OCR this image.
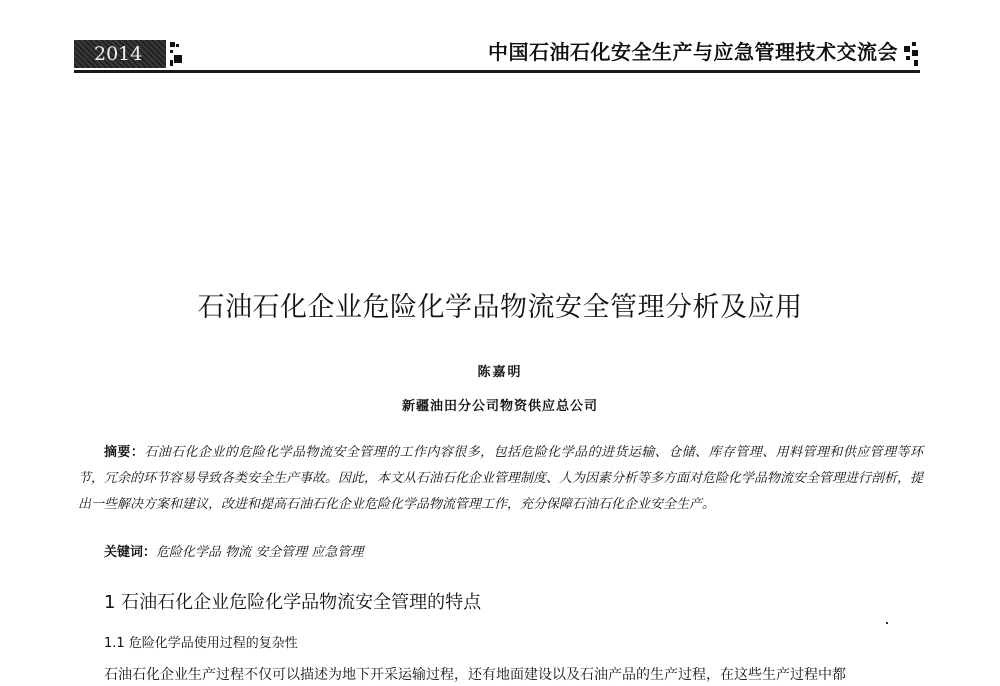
2014	中国石油石化安全生产与应急管理技术交流会
石油石化企业危险化学品物流安全管理分析及应用
陈嘉明
新疆油田分公司物资供应总公司
摘要：石油石化企业的危险化学品物流安全管理的工作内容很多，包括危险化学品的进货运输、仓储、库存管理、用料管理和供应管理等环节，冗余的环节容易导致各类安全生产事故。因此，本文从石油石化企业管理制度、人为因素分析等多方面对危险化学品物流安全管理进行剖析，提出一些解决方案和建议，改进和提高石油石化企业危险化学品物流管理工作，充分保障石油石化企业安全生产。
关键词：危险化学品 物流 安全管理 应急管理
1 石油石化企业危险化学品物流安全管理的特点
1.1 危险化学品使用过程的复杂性
石油石化企业生产过程不仅可以描述为地下开采运输过程，还有地面建设以及石油产品的生产过程，在这些生产过程中都
